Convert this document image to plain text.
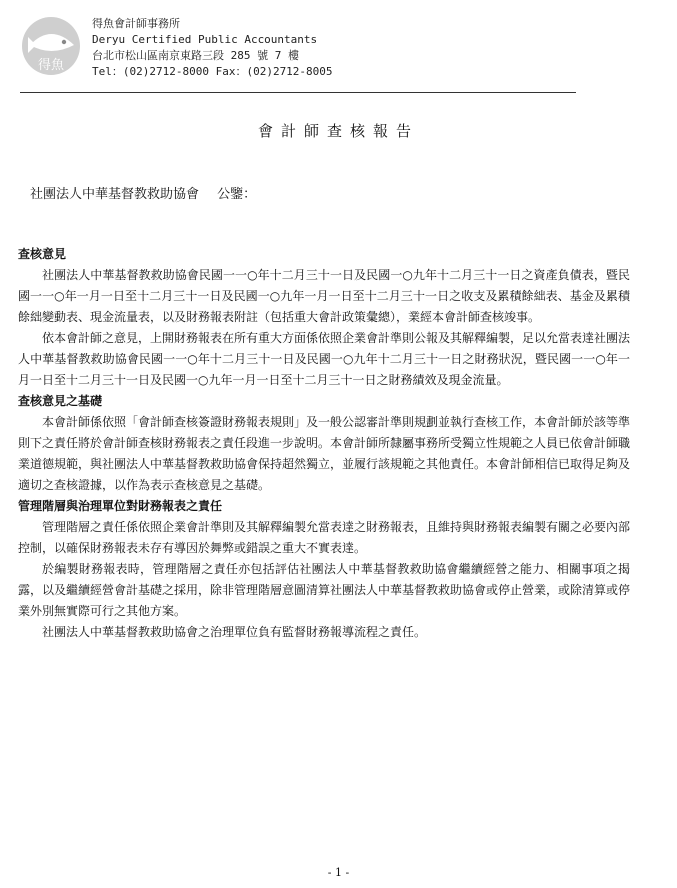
得魚
得魚會計師事務所
Deryu Certified Public Accountants
台北市松山區南京東路三段 285 號 7 樓
Tel：(02)2712-8000 Fax：(02)2712-8005
會計師查核報告
社團法人中華基督教救助協會 公鑒：
查核意見

社團法人中華基督教救助協會民國一一○年十二月三十一日及民國一○九年十二月三十一日之資產負債表，暨民國一一○年一月一日至十二月三十一日及民國一○九年一月一日至十二月三十一日之收支及累積餘絀表、基金及累積餘絀變動表、現金流量表，以及財務報表附註（包括重大會計政策彙總），業經本會計師查核竣事。

依本會計師之意見，上開財務報表在所有重大方面係依照企業會計準則公報及其解釋編製，足以允當表達社團法人中華基督教救助協會民國一一○年十二月三十一日及民國一○九年十二月三十一日之財務狀況，暨民國一一○年一月一日至十二月三十一日及民國一○九年一月一日至十二月三十一日之財務績效及現金流量。

查核意見之基礎

本會計師係依照「會計師查核簽證財務報表規則」及一般公認審計準則規劃並執行查核工作，本會計師於該等準則下之責任將於會計師查核財務報表之責任段進一步說明。本會計師所隸屬事務所受獨立性規範之人員已依會計師職業道德規範，與社團法人中華基督教救助協會保持超然獨立，並履行該規範之其他責任。本會計師相信已取得足夠及適切之查核證據，以作為表示查核意見之基礎。

管理階層與治理單位對財務報表之責任

管理階層之責任係依照企業會計準則及其解釋編製允當表達之財務報表，且維持與財務報表編製有關之必要內部控制，以確保財務報表未存有導因於舞弊或錯誤之重大不實表達。

於編製財務報表時，管理階層之責任亦包括評估社團法人中華基督教救助協會繼續經營之能力、相關事項之揭露，以及繼續經營會計基礎之採用，除非管理階層意圖清算社團法人中華基督教救助協會或停止營業，或除清算或停業外別無實際可行之其他方案。

社團法人中華基督教救助協會之治理單位負有監督財務報導流程之責任。

- 1 -
